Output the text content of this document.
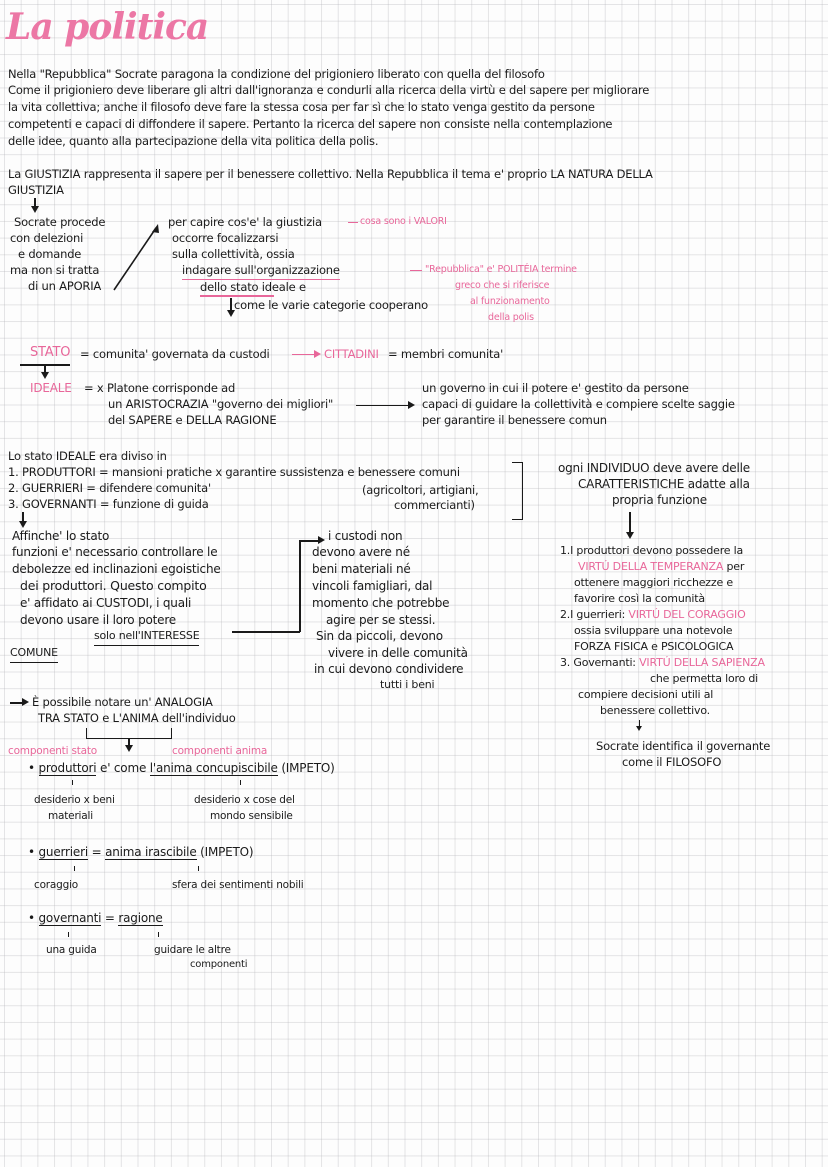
La politica
Nella "Repubblica" Socrate paragona la condizione del prigioniero liberato con quella del filosofo
Come il prigioniero deve liberare gli altri dall'ignoranza e condurli alla ricerca della virtù e del sapere per migliorare
la vita collettiva; anche il filosofo deve fare la stessa cosa per far sì che lo stato venga gestito da persone
competenti e capaci di diffondere il sapere. Pertanto la ricerca del sapere non consiste nella contemplazione
delle idee, quanto alla partecipazione della vita politica della polis.
La GIUSTIZIA rappresenta il sapere per il benessere collettivo. Nella Repubblica il tema e' proprio LA NATURA DELLA
GIUSTIZIA
Socrate procede
con delezioni
e domande
ma non si tratta
di un APORIA
per capire cos'e' la giustizia
occorre focalizzarsi
sulla collettività, ossia
indagare sull'organizzazione
dello stato ideale e
come le varie categorie cooperano
cosa sono i VALORI
"Repubblica" e' POLITÉIA termine
greco che si riferisce
al funzionamento
della polis
STATO = comunita' governata da custodi	CITTADINI = membri comunita'
IDEALE = x Platone corrisponde ad
un ARISTOCRAZIA "governo dei migliori"
del SAPERE e DELLA RAGIONE
un governo in cui il potere e' gestito da persone
capaci di guidare la collettività e compiere scelte saggie
per garantire il benessere comun
Lo stato IDEALE era diviso in
1. PRODUTTORI = mansioni pratiche x garantire sussistenza e benessere comuni
2. GUERRIERI = difendere comunita'
3. GOVERNANTI = funzione di guida
(agricoltori, artigiani,
commercianti)
Affinche' lo stato
funzioni e' necessario controllare le
debolezze ed inclinazioni egoistiche
dei produttori. Questo compito
e' affidato ai CUSTODI, i quali
devono usare il loro potere
solo nell'INTERESSE
COMUNE
i custodi non
devono avere né
beni materiali né
vincoli famigliari, dal
momento che potrebbe
agire per se stessi.
Sin da piccoli, devono
vivere in delle comunità
in cui devono condividere
tutti i beni
ogni INDIVIDUO deve avere delle
CARATTERISTICHE adatte alla
propria funzione
1.I produttori devono possedere la
VIRTÚ DELLA TEMPERANZA per
ottenere maggiori ricchezze e
favorire così la comunità
2.I guerrieri: VIRTÚ DEL CORAGGIO
ossia sviluppare una notevole
FORZA FISICA e PSICOLOGICA
3. Governanti: VIRTÚ DELLA SAPIENZA
che permetta loro di
compiere decisioni utili al
benessere collettivo.
Socrate identifica il governante
come il FILOSOFO
È possibile notare un' ANALOGIA
TRA STATO e L'ANIMA dell'individuo
componenti stato	componenti anima
• produttori e' come l'anima concupiscibile (IMPETO)
desiderio x beni
materiali
desiderio x cose del
mondo sensibile
• guerrieri = anima irascibile (IMPETO)
coraggio	sfera dei sentimenti nobili
• governanti = ragione
una guida	guidare le altre
componenti
